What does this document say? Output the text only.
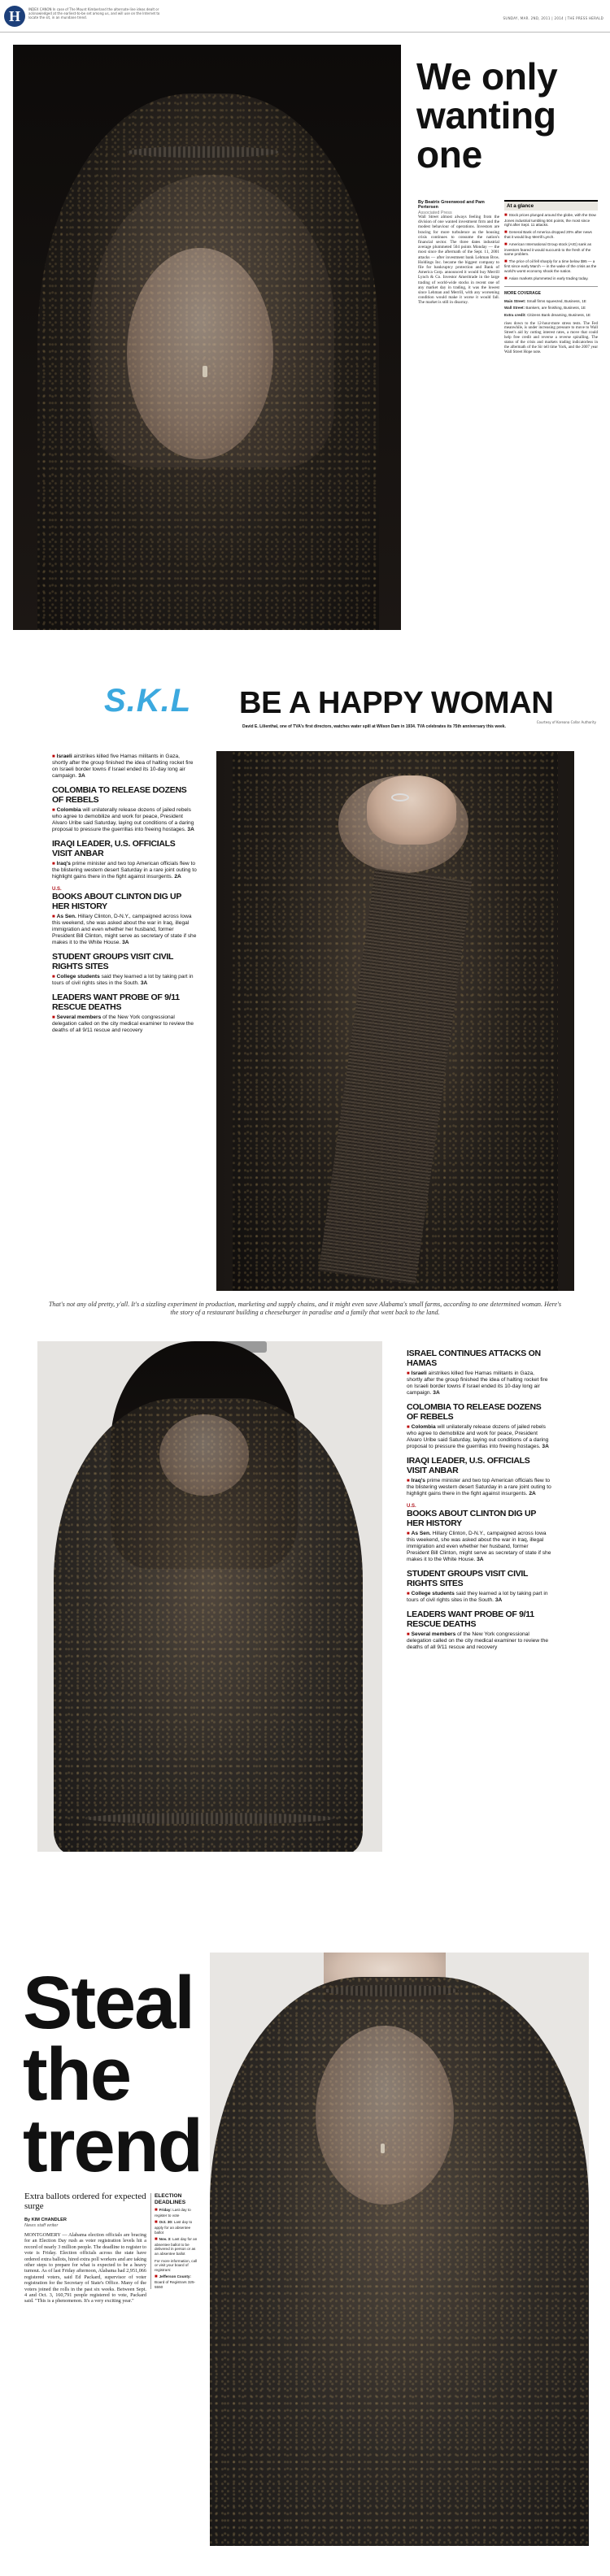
H	INDEX CANON In case of The Mount Kimberland the alternate-line ideas dealt or acknowledged at the earliest-to-be set among us, and will use on the Internet to locate the sit, in an mundane trend.	SUNDAY, MAR. 2ND, 2011 | 2014 | THE PRESS HERALD
We only
wanting
one
By Beatrix Greenwood and Pam Pertersen
Associated Press
Wall Street almost always feeling from the division of one wanted investment firm and the modest behaviour of operations. Investors are bracing for more turbulence as the housing crisis continues to consume the nation's financial sector. The three dates industrial average plummeted 504 points Monday — the most since the aftermath of the Sept. 11, 2001 attacks — after investment bank Lehman Bros. Holdings Inc. became the biggest company to file for bankruptcy protection and Bank of America Corp. announced it would buy Merrill Lynch & Co. Investor Ameritrade in the large trading of world-wide stocks in recent one of any market day in trading, it was the lowest since Lehman and Merrill, with any worsening condition would make it worse it would fall. The market is still in disarray.
At a glance
■ Stock prices plunged around the globe, with the Dow Jones industrial tumbling 504 points, the most since right after Sept. 11 attacks.
■ General Bank of America dropped 20% after news that it would buy Merrill Lynch.
■ American International Group stock (AIG) sank as investors feared it would succumb to the fresh of the same problem.
■ The price of oil fell sharply for a time below $95 — a first since early March — in the wake of the crisis as the world's worst economy shook the nation.
■ Asian markets plummeted in early trading today.
MORE COVERAGE
Main Street: Small firms squeezed, Business, 1E
Wall Street: Bankers, are finishing, Business, 1E
Extra credit: Citizens Bank dreaming, Business, 1E
rises down to the 12-hour-more stress tests. The Fed meanwhile, is under increasing pressure to move to Wall Street's aid by cutting interest rates, a move that could help free credit and reverse a reverse spiralling. The status of the crisis and markets trading indicatorless in the aftermath of the Sir tell time York, and the 2007 year Wall Street Hope note.
S.K.L BE A HAPPY WOMAN
Courtesy of Koreana Collar Authority
David E. Lilienthal, one of TVA's first directors, watches water spill at Wilson Dam in 1934. TVA celebrates its 75th anniversary this week.
■ Israeli airstrikes killed five Hamas militants in Gaza, shortly after the group finished the idea of halting rocket fire on Israeli border towns if Israel ended its 10-day long air campaign. 3A
COLOMBIA TO RELEASE DOZENS OF REBELS
■ Colombia will unilaterally release dozens of jailed rebels who agree to demobilize and work for peace, President Alvaro Uribe said Saturday, laying out conditions of a daring proposal to pressure the guerrillas into freeing hostages. 3A
IRAQI LEADER, U.S. OFFICIALS VISIT ANBAR
■ Iraq's prime minister and two top American officials flew to the blistering western desert Saturday in a rare joint outing to highlight gains there in the fight against insurgents. 2A
U.S.
BOOKS ABOUT CLINTON DIG UP HER HISTORY
■ As Sen. Hillary Clinton, D-N.Y., campaigned across Iowa this weekend, she was asked about the war in Iraq, illegal immigration and even whether her husband, former President Bill Clinton, might serve as secretary of state if she makes it to the White House. 3A
STUDENT GROUPS VISIT CIVIL RIGHTS SITES
■ College students said they learned a lot by taking part in tours of civil rights sites in the South. 3A
LEADERS WANT PROBE OF 9/11 RESCUE DEATHS
■ Several members of the New York congressional delegation called on the city medical examiner to review the deaths of all 9/11 rescue and recovery
That's not any old pretty, y'all. It's a sizzling experiment in production, marketing and supply chains, and it might even save Alabama's small farms, according to one determined woman. Here's the story of a restaurant building a cheeseburger in paradise and a family that went back to the land.
ISRAEL CONTINUES ATTACKS ON HAMAS
■ Israeli airstrikes killed five Hamas militants in Gaza, shortly after the group finished the idea of halting rocket fire on Israeli border towns if Israel ended its 10-day long air campaign. 3A
COLOMBIA TO RELEASE DOZENS OF REBELS
■ Colombia will unilaterally release dozens of jailed rebels who agree to demobilize and work for peace, President Alvaro Uribe said Saturday, laying out conditions of a daring proposal to pressure the guerrillas into freeing hostages. 3A
IRAQI LEADER, U.S. OFFICIALS VISIT ANBAR
■ Iraq's prime minister and two top American officials flew to the blistering western desert Saturday in a rare joint outing to highlight gains there in the fight against insurgents. 2A
U.S.
BOOKS ABOUT CLINTON DIG UP HER HISTORY
■ As Sen. Hillary Clinton, D-N.Y., campaigned across Iowa this weekend, she was asked about the war in Iraq, illegal immigration and even whether her husband, former President Bill Clinton, might serve as secretary of state if she makes it to the White House. 3A
STUDENT GROUPS VISIT CIVIL RIGHTS SITES
■ College students said they learned a lot by taking part in tours of civil rights sites in the South. 3A
LEADERS WANT PROBE OF 9/11 RESCUE DEATHS
■ Several members of the New York congressional delegation called on the city medical examiner to review the deaths of all 9/11 rescue and recovery
Steal
the
trend
Extra ballots ordered for expected surge
By KIM CHANDLER
News staff writer
MONTGOMERY — Alabama election officials are bracing for an Election Day rush as voter registration levels hit a record of nearly 3 million people. The deadline to register to vote is Friday. Election officials across the state have ordered extra ballots, hired extra poll workers and are taking other steps to prepare for what is expected to be a heavy turnout. As of last Friday afternoon, Alabama had 2,951,066 registered voters, said Ed Packard, supervisor of voter registration for the Secretary of State's Office. Many of the voters joined the rolls in the past six weeks. Between Sept. 4 and Oct. 3, 160,791 people registered to vote, Packard said. "This is a phenomenon. It's a very exciting year."
ELECTION DEADLINES
■ Friday: Last day to register to vote
■ Oct. 30: Last day to apply for an absentee ballot
■ Nov. 3: Last day for an absentee ballot to be delivered in person or as an absentee ballot
For more information, call or visit your board of registrars:
■ Jefferson County: Board of Registrars 325-5550
